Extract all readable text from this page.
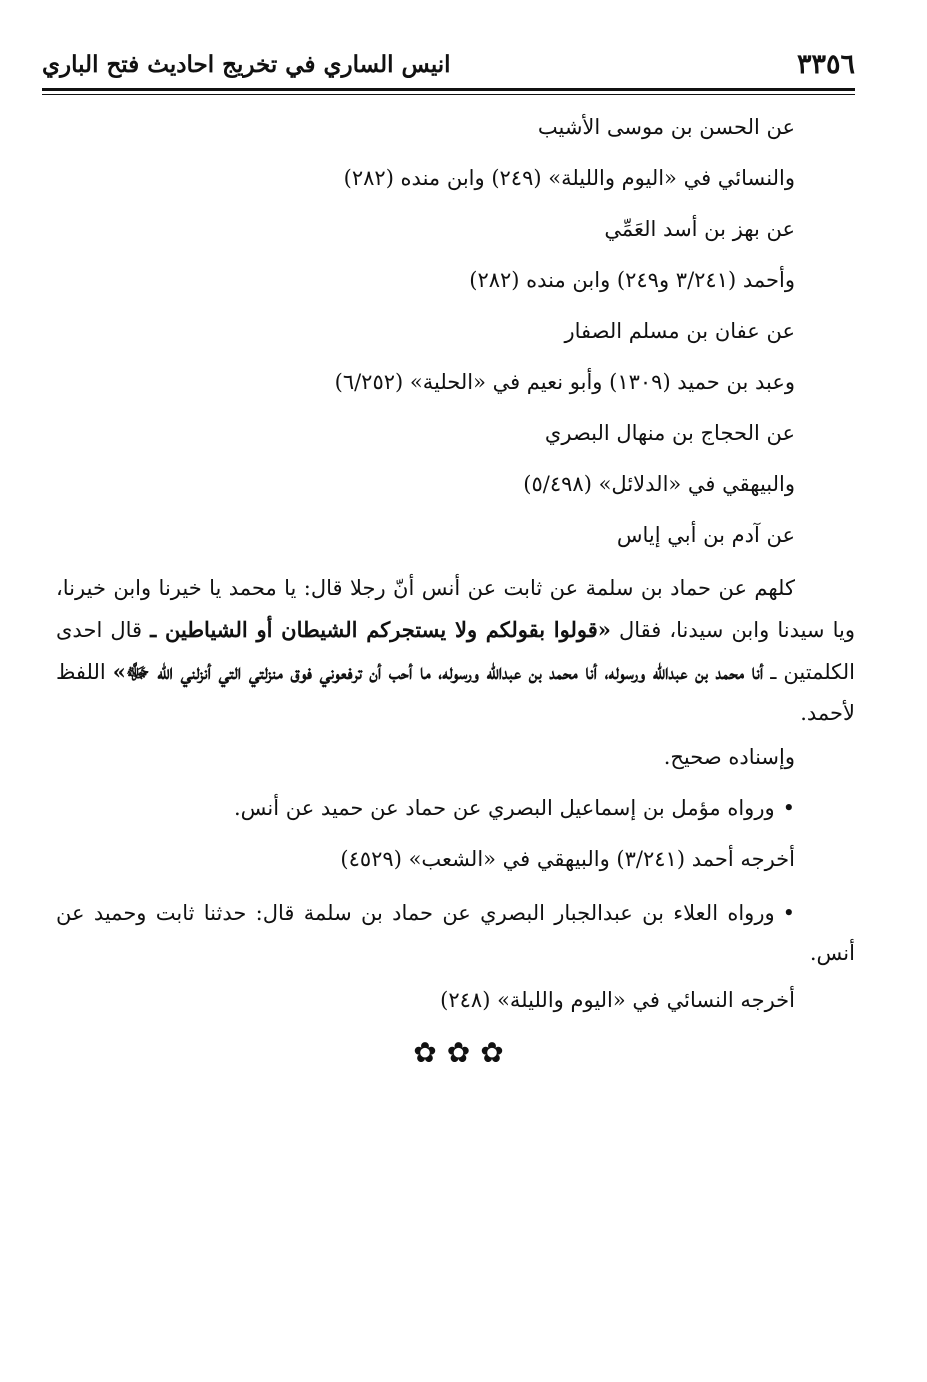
٣٣٥٦
انيس الساري في تخريج احاديث فتح الباري
عن الحسن بن موسى الأشيب
والنسائي في «اليوم والليلة» (٢٤٩) وابن منده (٢٨٢)
عن بهز بن أسد العَمِّي
وأحمد (٣/٢٤١ و٢٤٩) وابن منده (٢٨٢)
عن عفان بن مسلم الصفار
وعبد بن حميد (١٣٠٩) وأبو نعيم في «الحلية» (٦/٢٥٢)
عن الحجاج بن منهال البصري
والبيهقي في «الدلائل» (٥/٤٩٨)
عن آدم بن أبي إياس
كلهم عن حماد بن سلمة عن ثابت عن أنس أنّ رجلا قال: يا محمد يا خيرنا وابن خيرنا، ويا سيدنا وابن سيدنا، فقال «قولوا بقولكم ولا يستجركم الشيطان أو الشياطين ـ قال احدى الكلمتين ـ أنا محمد بن عبدالله ورسوله، أنا محمد بن عبدالله ورسوله، ما أحب أن ترفعوني فوق منزلتي التي أنزلني الله ﷻ» اللفظ لأحمد.
وإسناده صحيح.
•ورواه مؤمل بن إسماعيل البصري عن حماد عن حميد عن أنس.
أخرجه أحمد (٣/٢٤١) والبيهقي في «الشعب» (٤٥٢٩)
•ورواه العلاء بن عبدالجبار البصري عن حماد بن سلمة قال: حدثنا ثابت وحميد عن أنس.
أخرجه النسائي في «اليوم والليلة» (٢٤٨)
✿✿✿
